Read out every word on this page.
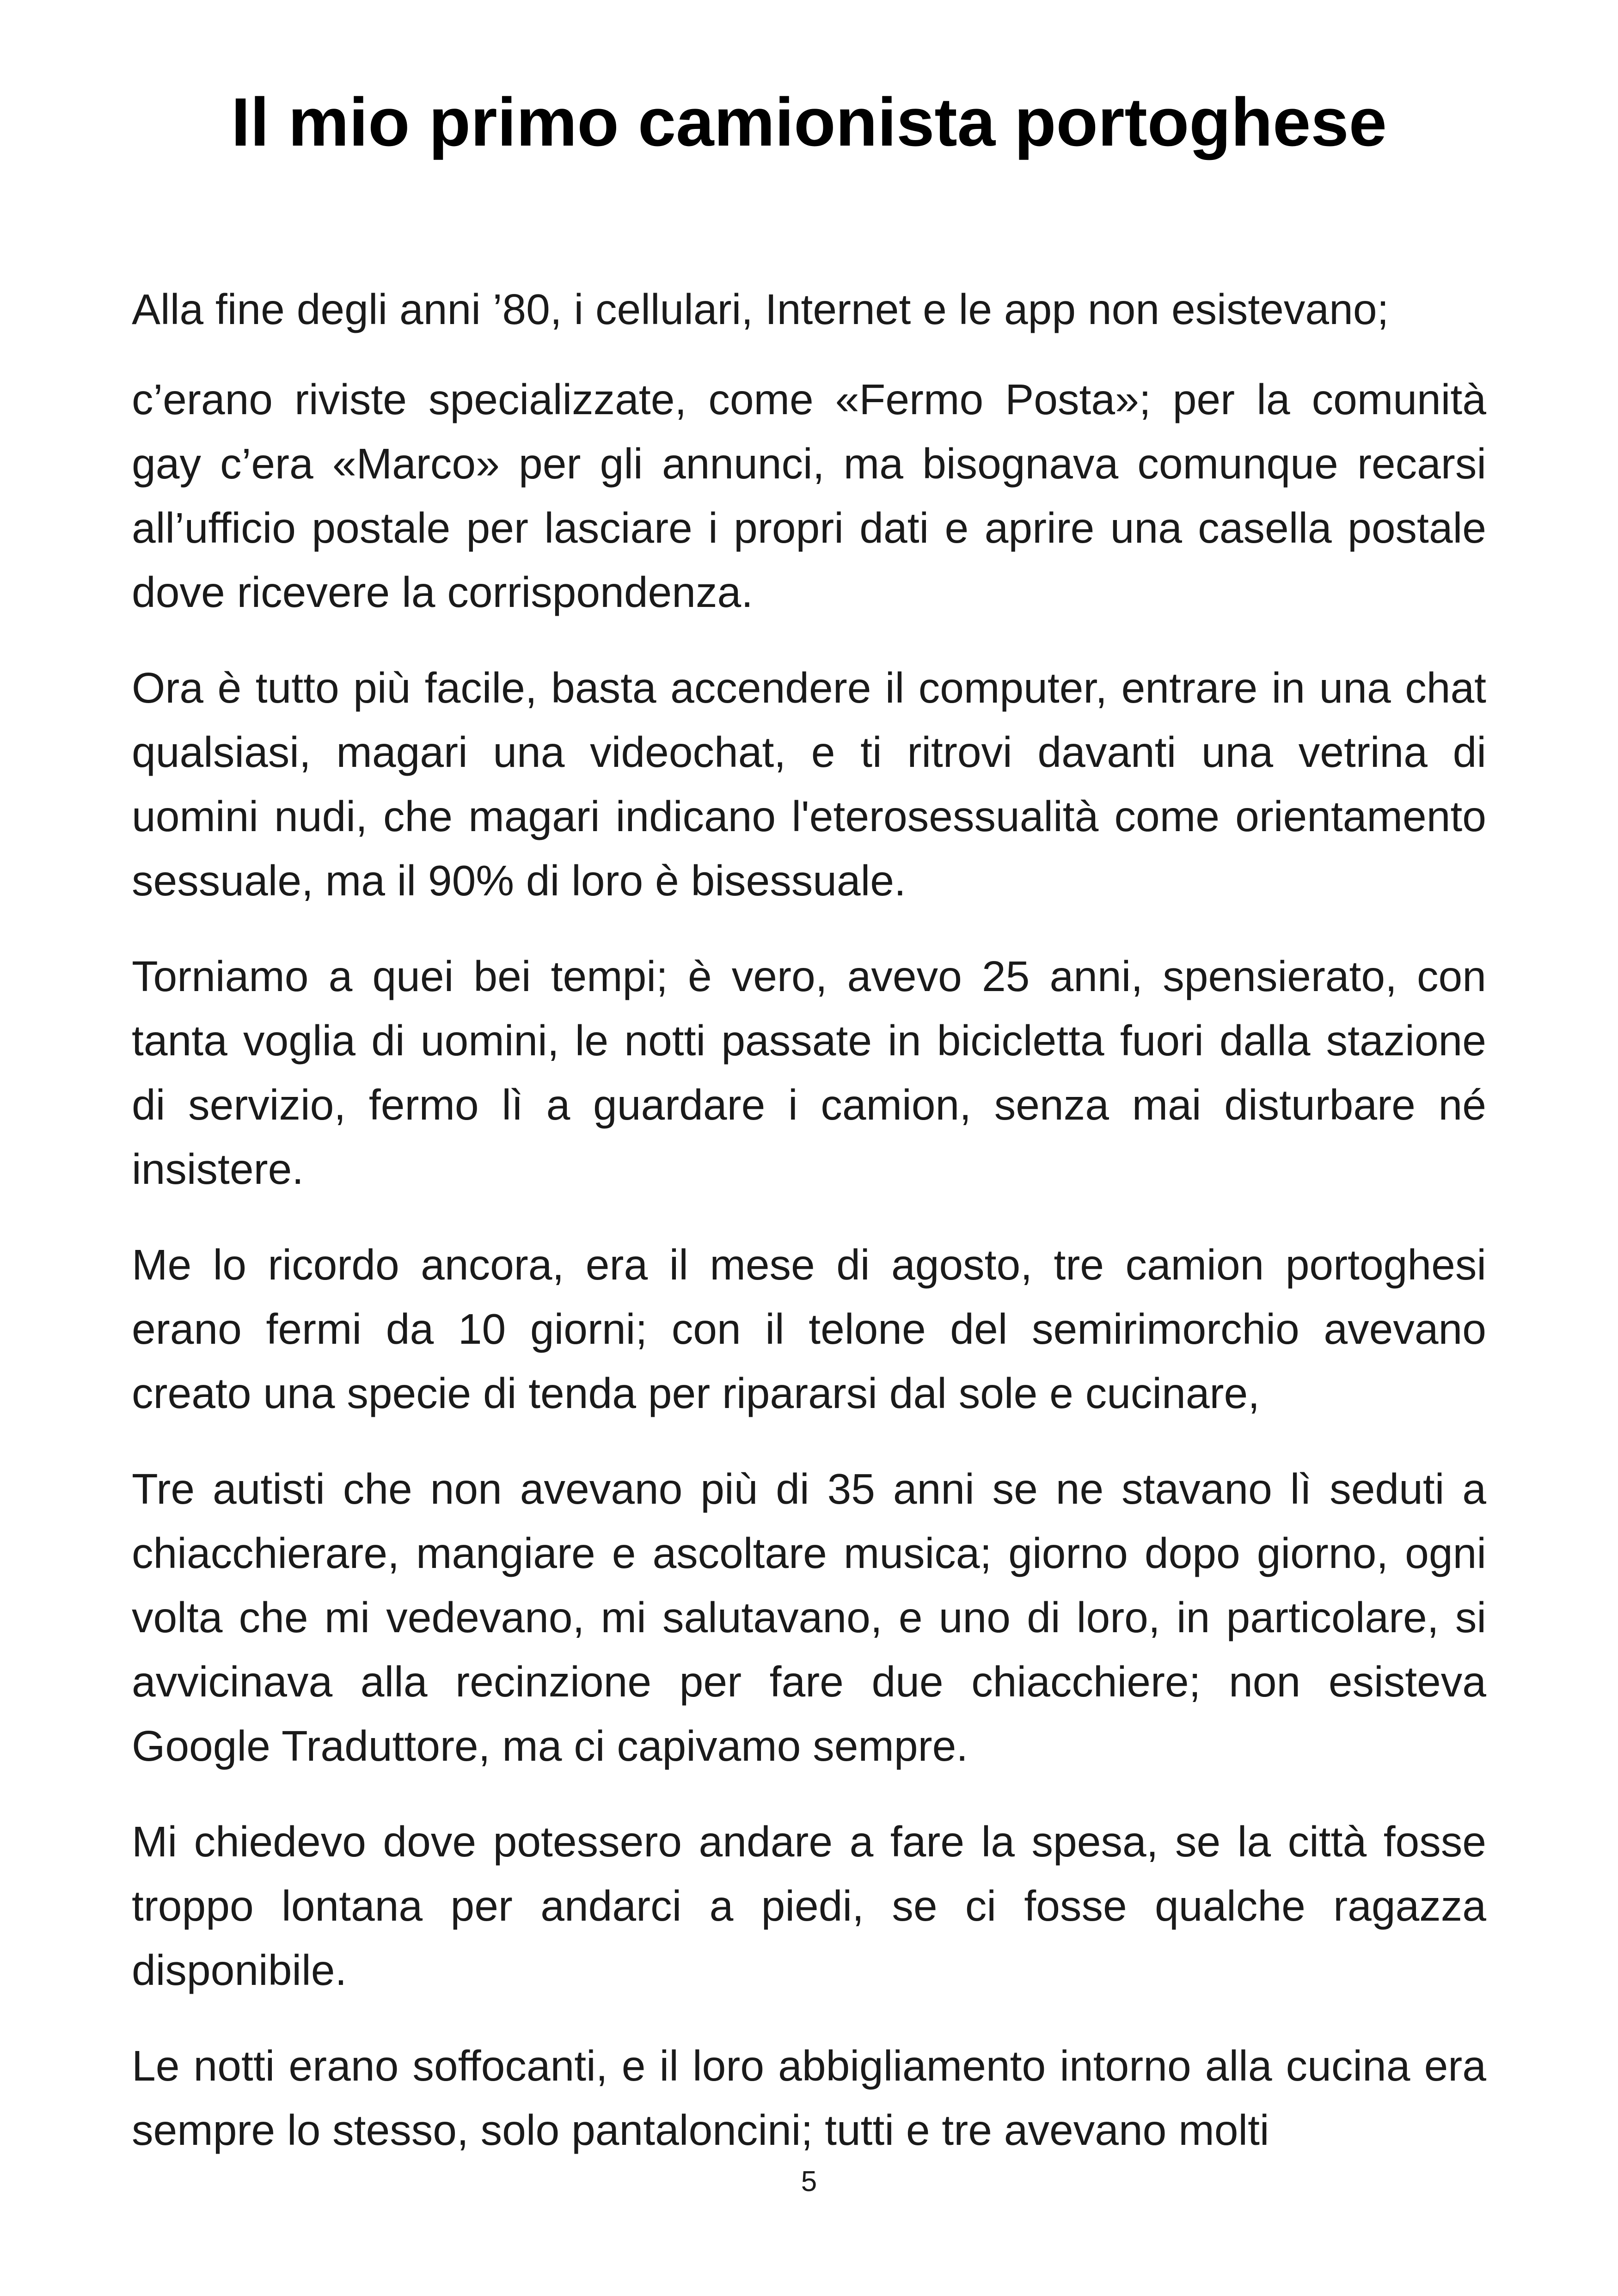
Il mio primo camionista portoghese

Alla fine degli anni ’80, i cellulari, Internet e le app non esistevano;

c’erano riviste specializzate, come «Fermo Posta»; per la comunità gay c’era «Marco» per gli annunci, ma bisognava comunque recarsi all’ufficio postale per lasciare i propri dati e aprire una casella postale dove ricevere la corrispondenza.

Ora è tutto più facile, basta accendere il computer, entrare in una chat qualsiasi, magari una videochat, e ti ritrovi davanti una vetrina di uomini nudi, che magari indicano l'eterosessualità come orientamento sessuale, ma il 90% di loro è bisessuale.

Torniamo a quei bei tempi; è vero, avevo 25 anni, spensierato, con tanta voglia di uomini, le notti passate in bicicletta fuori dalla stazione di servizio, fermo lì a guardare i camion, senza mai disturbare né insistere.

Me lo ricordo ancora, era il mese di agosto, tre camion portoghesi erano fermi da 10 giorni; con il telone del semirimorchio avevano creato una specie di tenda per ripararsi dal sole e cucinare,

Tre autisti che non avevano più di 35 anni se ne stavano lì seduti a chiacchierare, mangiare e ascoltare musica; giorno dopo giorno, ogni volta che mi vedevano, mi salutavano, e uno di loro, in particolare, si avvicinava alla recinzione per fare due chiacchiere; non esisteva Google Traduttore, ma ci capivamo sempre.

Mi chiedevo dove potessero andare a fare la spesa, se la città fosse troppo lontana per andarci a piedi, se ci fosse qualche ragazza disponibile.

Le notti erano soffocanti, e il loro abbigliamento intorno alla cucina era sempre lo stesso, solo pantaloncini; tutti e tre avevano molti

5
